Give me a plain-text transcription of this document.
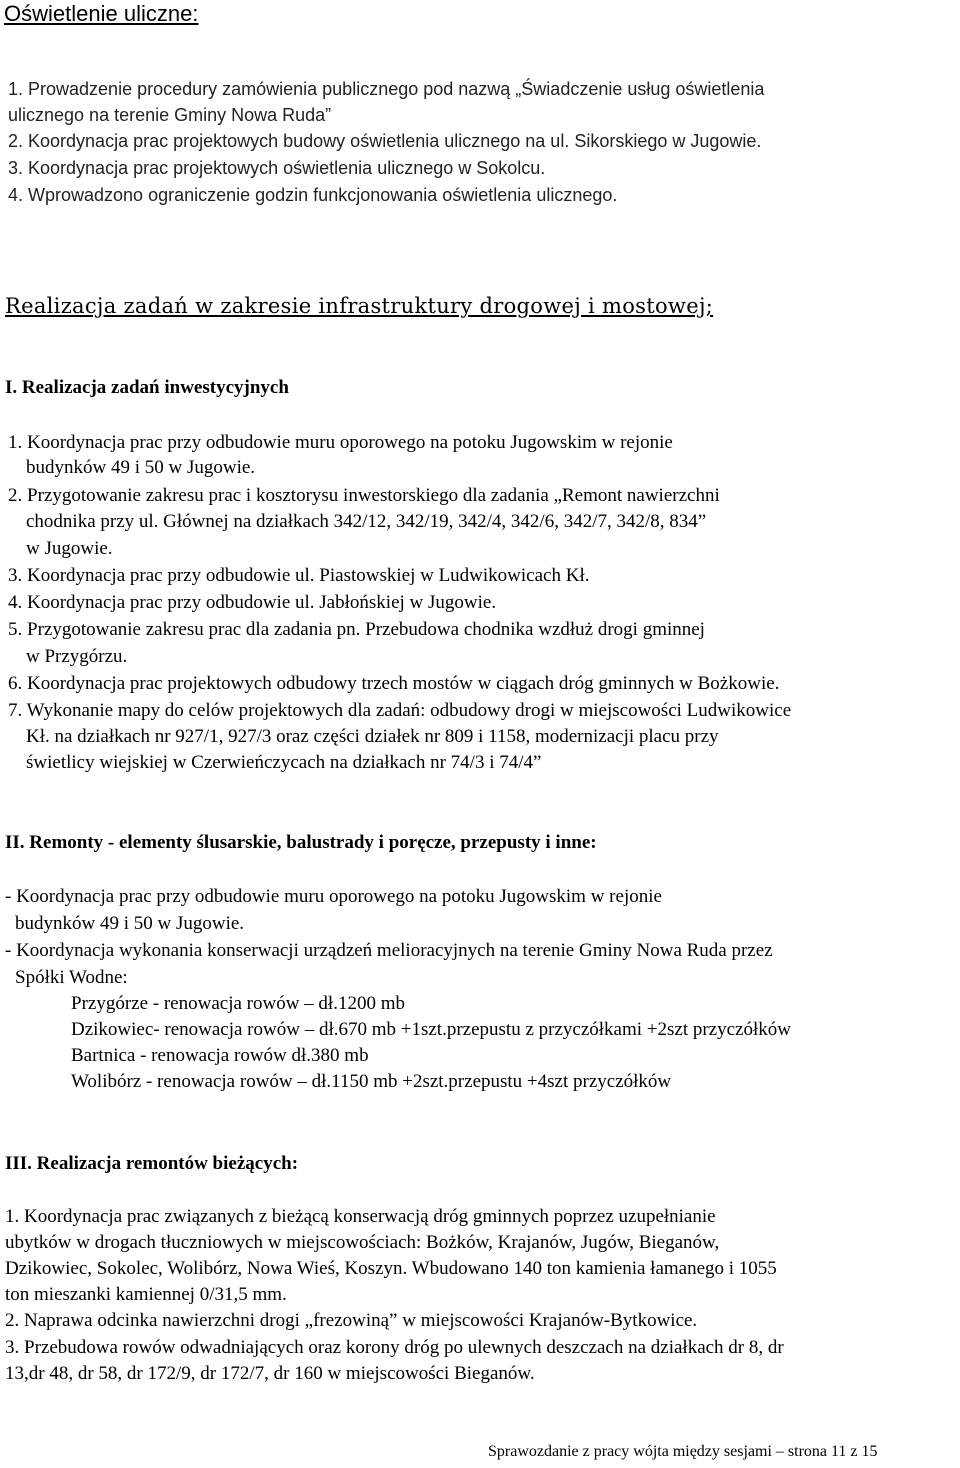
Oświetlenie uliczne:
1. Prowadzenie procedury zamówienia publicznego pod nazwą „Świadczenie usług oświetlenia
ulicznego na terenie Gminy Nowa Ruda”
2. Koordynacja prac projektowych budowy oświetlenia ulicznego na ul. Sikorskiego w Jugowie.
3. Koordynacja prac projektowych oświetlenia ulicznego w Sokolcu.
4. Wprowadzono ograniczenie godzin funkcjonowania oświetlenia ulicznego.
Realizacja zadań w zakresie infrastruktury drogowej i mostowej;
I. Realizacja zadań inwestycyjnych
1. Koordynacja prac przy odbudowie muru oporowego na potoku Jugowskim w rejonie
budynków 49 i 50 w Jugowie.
2. Przygotowanie zakresu prac i kosztorysu inwestorskiego dla zadania „Remont nawierzchni
chodnika przy ul. Głównej na działkach 342/12, 342/19, 342/4, 342/6, 342/7, 342/8, 834”
w Jugowie.
3. Koordynacja prac przy odbudowie ul. Piastowskiej w Ludwikowicach Kł.
4. Koordynacja prac przy odbudowie ul. Jabłońskiej w Jugowie.
5. Przygotowanie zakresu prac dla zadania pn. Przebudowa chodnika wzdłuż drogi gminnej
w Przygórzu.
6. Koordynacja prac projektowych odbudowy trzech mostów w ciągach dróg gminnych w Bożkowie.
7. Wykonanie mapy do celów projektowych dla zadań: odbudowy drogi w miejscowości Ludwikowice
Kł. na działkach nr 927/1, 927/3 oraz części działek nr 809 i 1158, modernizacji placu przy
świetlicy wiejskiej w Czerwieńczycach na działkach nr 74/3 i 74/4”
II. Remonty - elementy ślusarskie, balustrady i poręcze, przepusty i inne:
- Koordynacja prac przy odbudowie muru oporowego na potoku Jugowskim w rejonie
budynków 49 i 50 w Jugowie.
- Koordynacja wykonania konserwacji urządzeń melioracyjnych na terenie Gminy Nowa Ruda przez
Spółki Wodne:
Przygórze - renowacja rowów – dł.1200 mb
Dzikowiec- renowacja rowów – dł.670 mb +1szt.przepustu z przyczółkami +2szt przyczółków
Bartnica - renowacja rowów dł.380 mb
Wolibórz - renowacja rowów – dł.1150 mb +2szt.przepustu +4szt przyczółków
III. Realizacja remontów bieżących:
1. Koordynacja prac związanych z bieżącą konserwacją dróg gminnych poprzez uzupełnianie
ubytków w drogach tłuczniowych w miejscowościach: Bożków, Krajanów, Jugów, Bieganów,
Dzikowiec, Sokolec, Wolibórz, Nowa Wieś, Koszyn. Wbudowano 140 ton kamienia łamanego i 1055
ton mieszanki kamiennej 0/31,5 mm.
2. Naprawa odcinka nawierzchni drogi „frezowiną” w miejscowości Krajanów-Bytkowice.
3. Przebudowa rowów odwadniających oraz korony dróg po ulewnych deszczach na działkach dr 8, dr
13,dr 48, dr 58, dr 172/9, dr 172/7, dr 160 w miejscowości Bieganów.
Sprawozdanie z pracy wójta między sesjami – strona 11 z 15
